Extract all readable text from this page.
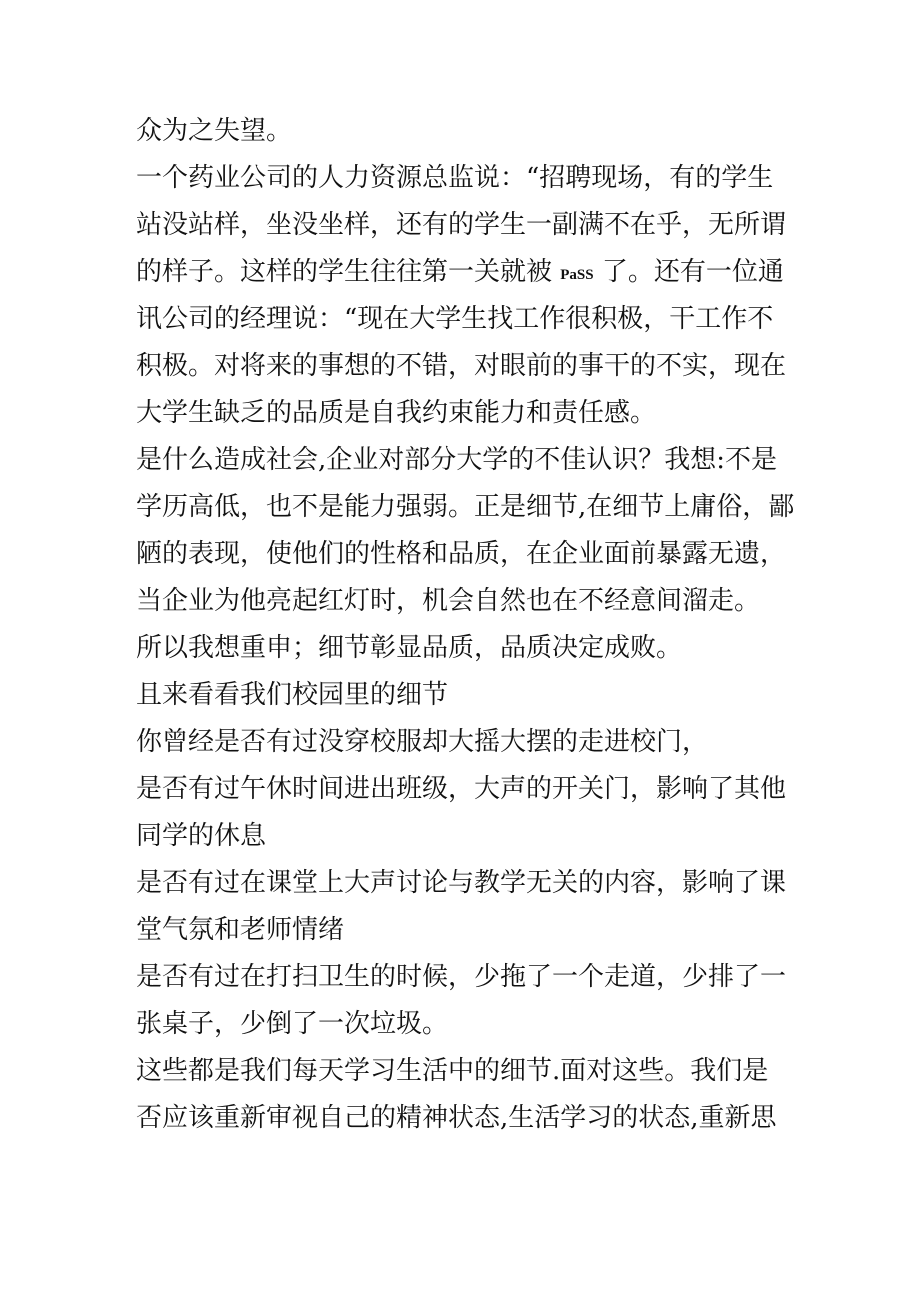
众为之失望。
一个药业公司的人力资源总监说：“招聘现场，有的学生
站没站样，坐没坐样，还有的学生一副满不在乎，无所谓
的样子。这样的学生往往第一关就被 PaSS 了。还有一位通
讯公司的经理说：“现在大学生找工作很积极，干工作不
积极。对将来的事想的不错，对眼前的事干的不实，现在
大学生缺乏的品质是自我约束能力和责任感。
是什么造成社会,企业对部分大学的不佳认识？我想:不是
学历高低，也不是能力强弱。正是细节,在细节上庸俗，鄙
陋的表现，使他们的性格和品质，在企业面前暴露无遗，
当企业为他亮起红灯时，机会自然也在不经意间溜走。
所以我想重申；细节彰显品质，品质决定成败。
且来看看我们校园里的细节
你曾经是否有过没穿校服却大摇大摆的走进校门，
是否有过午休时间进出班级，大声的开关门，影响了其他
同学的休息
是否有过在课堂上大声讨论与教学无关的内容，影响了课
堂气氛和老师情绪
是否有过在打扫卫生的时候，少拖了一个走道，少排了一
张桌子，少倒了一次垃圾。
这些都是我们每天学习生活中的细节.面对这些。我们是
否应该重新审视自己的精神状态,生活学习的状态,重新思
